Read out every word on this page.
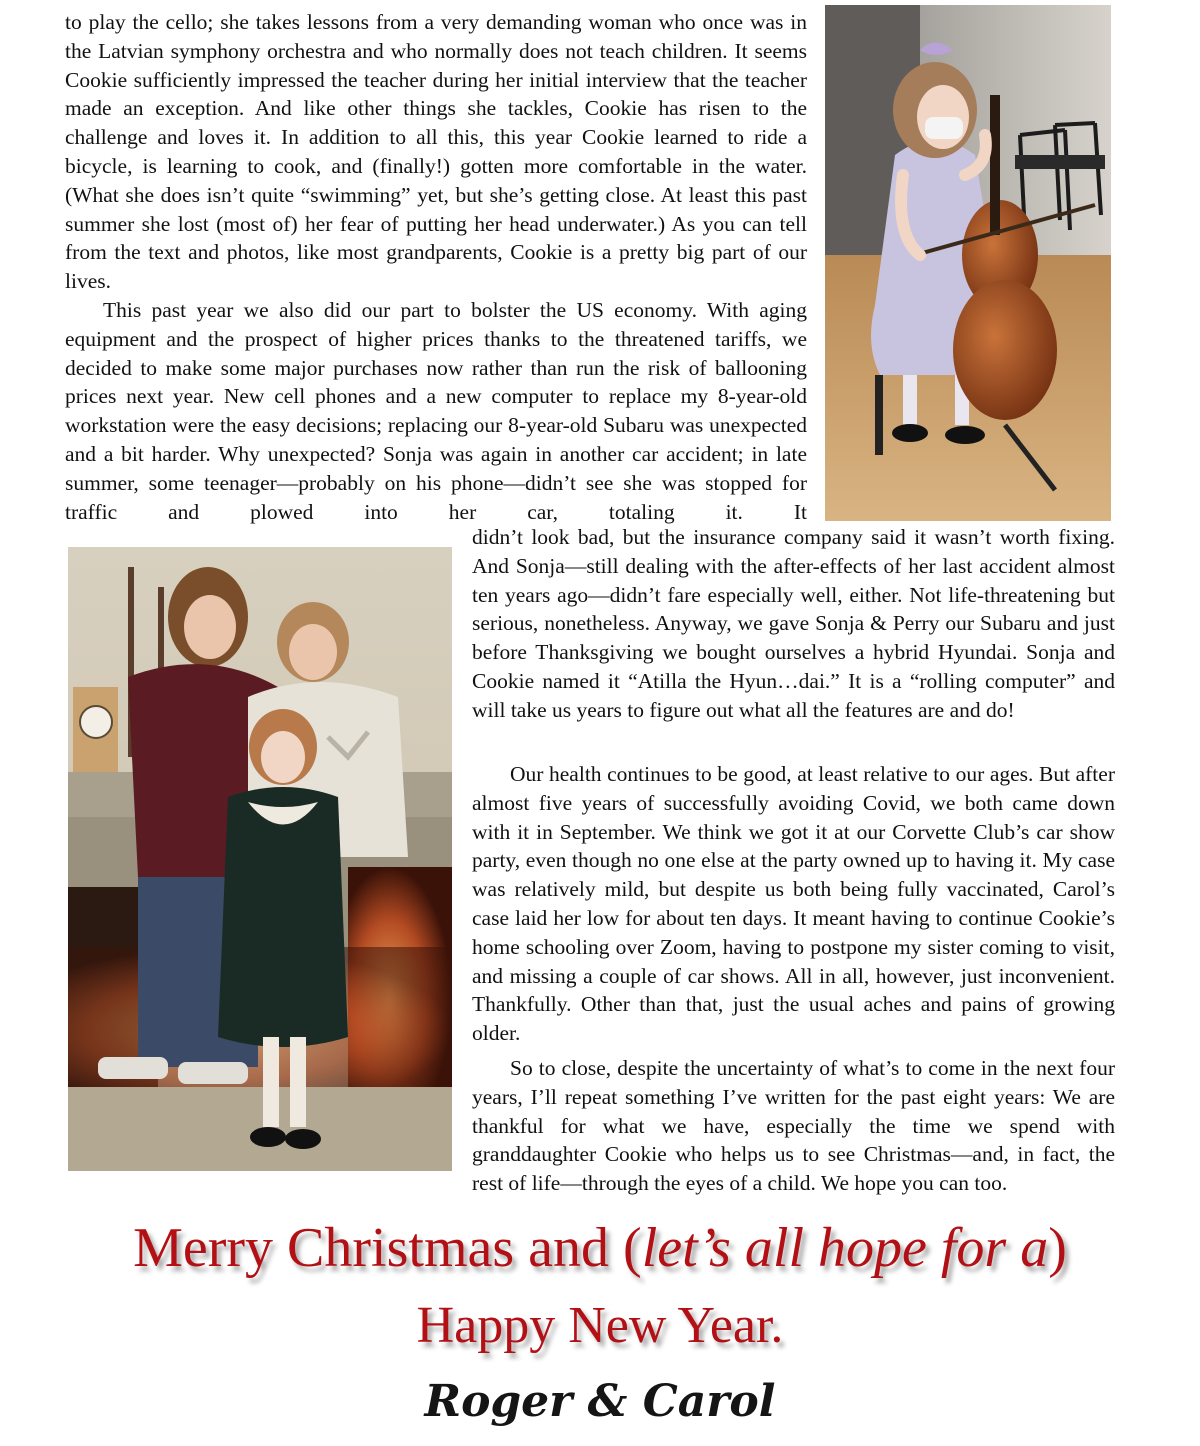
to play the cello; she takes lessons from a very demanding woman who once was in the Latvian symphony orchestra and who normally does not teach children. It seems Cookie sufficiently impressed the teacher during her initial interview that the teacher made an exception. And like other things she tackles, Cookie has risen to the challenge and loves it. In addition to all this, this year Cookie learned to ride a bicycle, is learning to cook, and (finally!) gotten more comfortable in the water. (What she does isn’t quite “swimming” yet, but she’s getting close. At least this past summer she lost (most of) her fear of putting her head underwater.) As you can tell from the text and photos, like most grandparents, Cookie is a pretty big part of our lives.

This past year we also did our part to bolster the US economy. With aging equipment and the prospect of higher prices thanks to the threatened tariffs, we decided to make some major purchases now rather than run the risk of ballooning prices next year. New cell phones and a new computer to replace my 8-year-old workstation were the easy decisions; replacing our 8-year-old Subaru was unexpected and a bit harder. Why unexpected? Sonja was again in another car accident; in late summer, some teenager—probably on his phone—didn’t see she was stopped for traffic and plowed into her car, totaling it. It

didn’t look bad, but the insurance company said it wasn’t worth fixing. And Sonja—still dealing with the after-effects of her last accident almost ten years ago—didn’t fare especially well, either. Not life-threatening but serious, nonetheless. Anyway, we gave Sonja & Perry our Subaru and just before Thanksgiving we bought ourselves a hybrid Hyundai. Sonja and Cookie named it “Atilla the Hyun…dai.” It is a “rolling computer” and will take us years to figure out what all the features are and do!

Our health continues to be good, at least relative to our ages. But after almost five years of successfully avoiding Covid, we both came down with it in September. We think we got it at our Corvette Club’s car show party, even though no one else at the party owned up to having it. My case was relatively mild, but despite us both being fully vaccinated, Carol’s case laid her low for about ten days. It meant having to continue Cookie’s home schooling over Zoom, having to postpone my sister coming to visit, and missing a couple of car shows. All in all, however, just inconvenient. Thankfully. Other than that, just the usual aches and pains of growing older.

So to close, despite the uncertainty of what’s to come in the next four years, I’ll repeat something I’ve written for the past eight years: We are thankful for what we have, especially the time we spend with granddaughter Cookie who helps us to see Christmas—and, in fact, the rest of life—through the eyes of a child. We hope you can too.

Merry Christmas and (let’s all hope for a)
Happy New Year.
Roger & Carol
